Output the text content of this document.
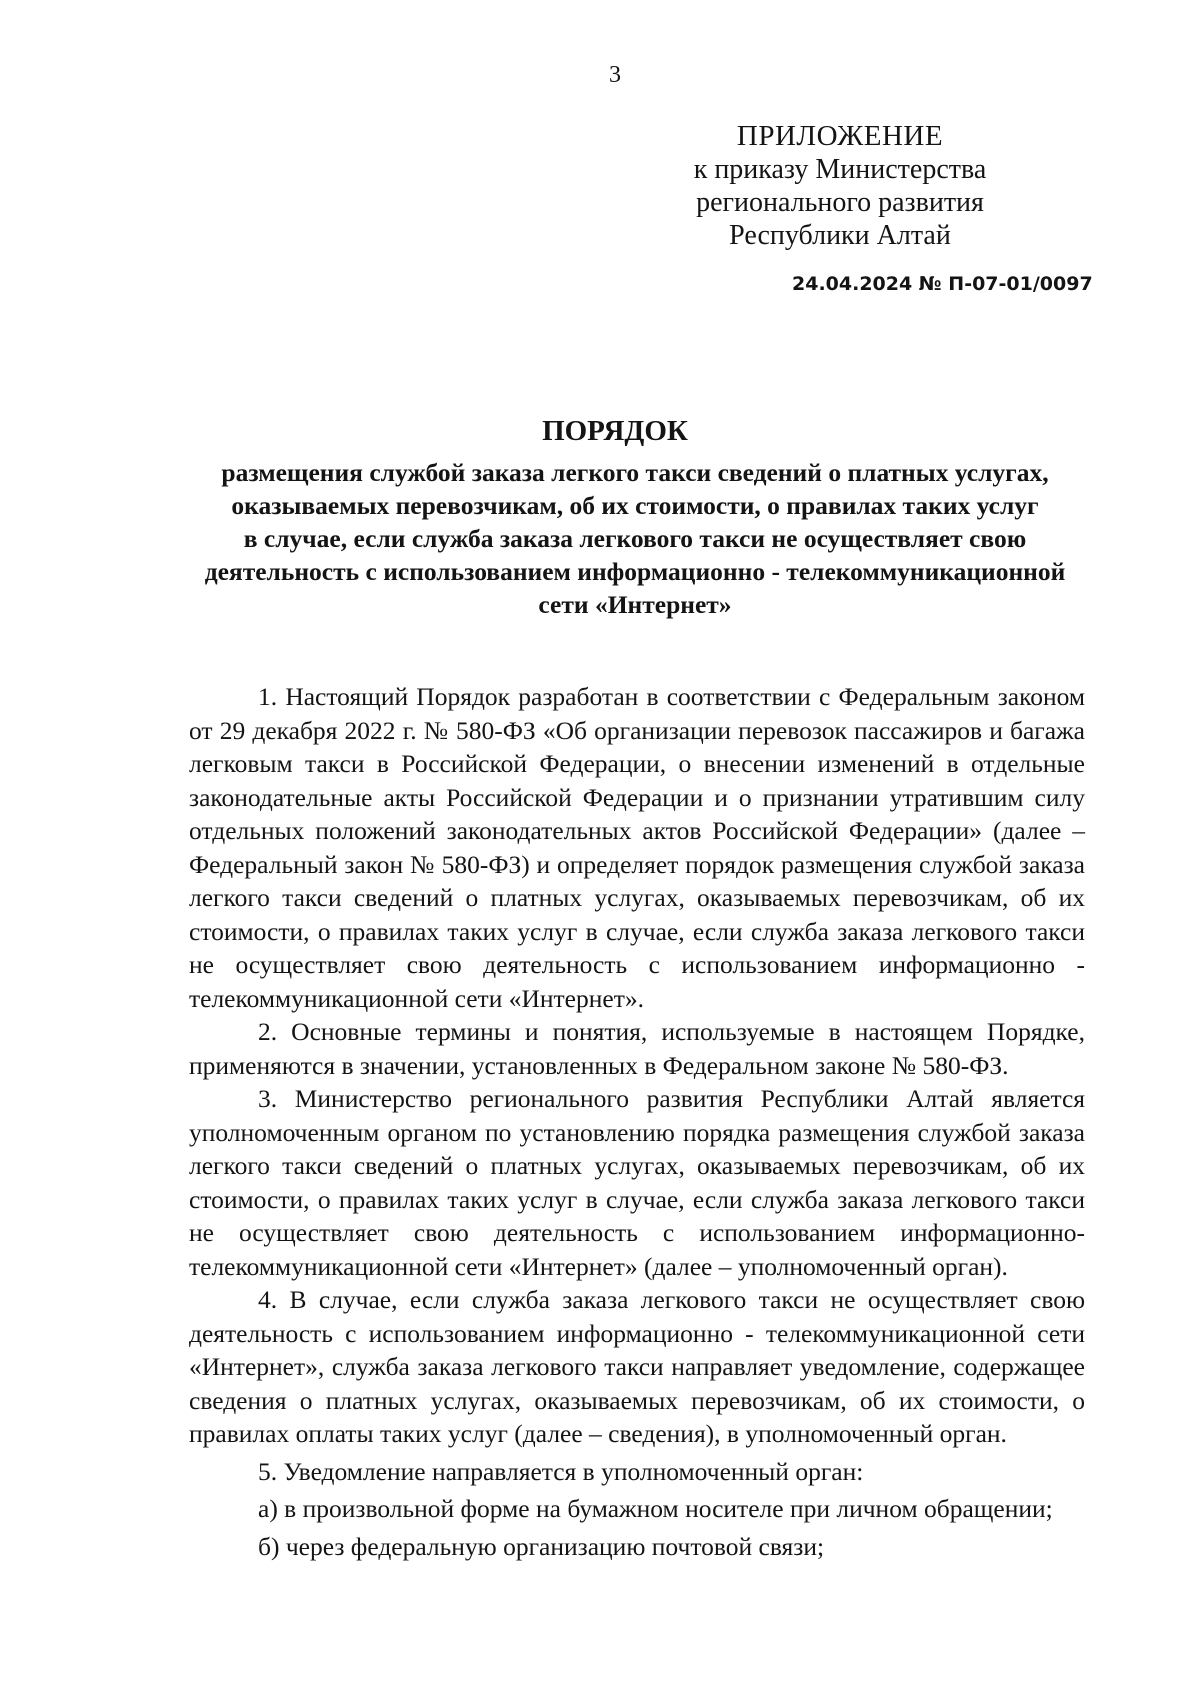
3
ПРИЛОЖЕНИЕ
к приказу Министерства
регионального развития
Республики Алтай
24.04.2024 № П-07-01/0097
ПОРЯДОК
размещения службой заказа легкого такси сведений о платных услугах,
оказываемых перевозчикам, об их стоимости, о правилах таких услуг
в случае, если служба заказа легкового такси не осуществляет свою
деятельность с использованием информационно - телекоммуникационной
сети «Интернет»

1. Настоящий Порядок разработан в соответствии с Федеральным законом от 29 декабря 2022 г. № 580-ФЗ «Об организации перевозок пассажиров и багажа легковым такси в Российской Федерации, о внесении изменений в отдельные законодательные акты Российской Федерации и о признании утратившим силу отдельных положений законодательных актов Российской Федерации» (далее – Федеральный закон № 580-ФЗ) и определяет порядок размещения службой заказа легкого такси сведений о платных услугах, оказываемых перевозчикам, об их стоимости, о правилах таких услуг в случае, если служба заказа легкового такси не осуществляет свою деятельность с использованием информационно - телекоммуникационной сети «Интернет».

2. Основные термины и понятия, используемые в настоящем Порядке, применяются в значении, установленных в Федеральном законе № 580-ФЗ.

3. Министерство регионального развития Республики Алтай является уполномоченным органом по установлению порядка размещения службой заказа легкого такси сведений о платных услугах, оказываемых перевозчикам, об их стоимости, о правилах таких услуг в случае, если служба заказа легкового такси не осуществляет свою деятельность с использованием информационно-телекоммуникационной сети «Интернет» (далее – уполномоченный орган).

4. В случае, если служба заказа легкового такси не осуществляет свою деятельность с использованием информационно - телекоммуникационной сети «Интернет», служба заказа легкового такси направляет уведомление, содержащее сведения о платных услугах, оказываемых перевозчикам, об их стоимости, о правилах оплаты таких услуг (далее – сведения), в уполномоченный орган.

5. Уведомление направляется в уполномоченный орган:

а) в произвольной форме на бумажном носителе при личном обращении;

б) через федеральную организацию почтовой связи;
